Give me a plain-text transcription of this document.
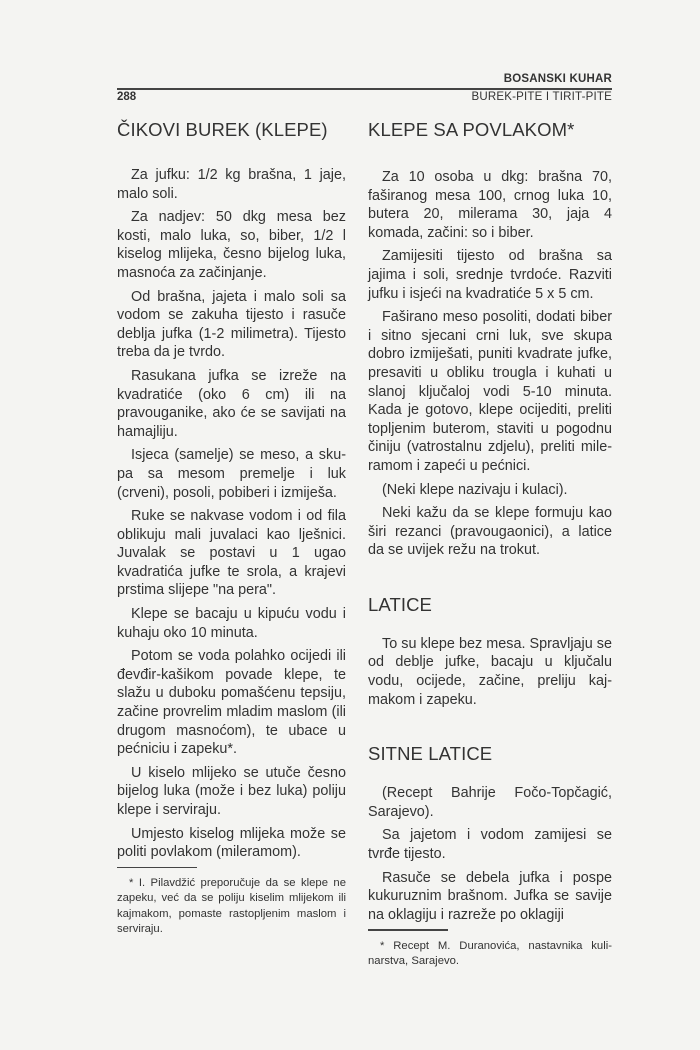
BOSANSKI KUHAR
288	BUREK-PITE I TIRIT-PITE
ČIKOVI BUREK (KLEPE)

Za jufku: 1/2 kg brašna, 1 jaje, malo soli.

Za nadjev: 50 dkg mesa bez kosti, malo luka, so, biber, 1/2 l kiselog mlijeka, česno bijelog luka, masnoća za začinjanje.

Od brašna, jajeta i malo soli sa vodom se zakuha tijesto i rasuče deblja jufka (1-2 milimetra). Tijesto treba da je tvrdo.

Rasukana jufka se izreže na kvadratiće (oko 6 cm) ili na pravouganike, ako će se savijati na hamajliju.

Isjeca (samelje) se meso, a skupa sa mesom premelje i luk (crveni), posoli, pobiberi i izmiješa.

Ruke se nakvase vodom i od fila oblikuju mali juvalaci kao lješnici. Juvalak se postavi u 1 ugao kvadratića jufke te srola, a krajevi prstima slijepe "na pera".

Klepe se bacaju u kipuću vodu i kuhaju oko 10 minuta.

Potom se voda polahko ocijedi ili đevđir-kašikom povade klepe, te slažu u duboku pomašćenu tepsiju, začine provrelim mladim maslom (ili drugom masnoćom), te ubace u pećniciu i zapeku*.

U kiselo mlijeko se utuče česno bijelog luka (može i bez luka) poliju klepe i serviraju.

Umjesto kiselog mlijeka može se politi povlakom (mileramom).

* I. Pilavdžić preporučuje da se klepe ne zapeku, već da se poliju kiselim mlijekom ili kajmakom, pomaste rastopljenim maslom i serviraju.

KLEPE SA POVLAKOM*

Za 10 osoba u dkg: brašna 70, faširanog mesa 100, crnog luka 10, butera 20, milerama 30, jaja 4 komada, začini: so i biber.

Zamijesiti tijesto od brašna sa jajima i soli, srednje tvrdoće. Razviti jufku i isjeći na kvadratiće 5 x 5 cm.

Faširano meso posoliti, dodati biber i sitno sjecani crni luk, sve skupa dobro izmiješati, puniti kvadrate jufke, presaviti u obliku trougla i kuhati u slanoj ključaloj vodi 5-10 minuta. Kada je gotovo, klepe ocijediti, preliti topljenim buterom, staviti u pogodnu činiju (vatrostalnu zdjelu), preliti mileramom i zapeći u pećnici.

(Neki klepe nazivaju i kulaci).

Neki kažu da se klepe formuju kao širi rezanci (pravougaonici), a latice da se uvijek režu na trokut.

LATICE

To su klepe bez mesa. Spravljaju se od deblje jufke, bacaju u ključalu vodu, ocijede, začine, preliju kajmakom i zapeku.

SITNE LATICE

(Recept Bahrije Fočo-Topčagić, Sarajevo).

Sa jajetom i vodom zamijesi se tvrđe tijesto.

Rasuče se debela jufka i pospe kukuruznim brašnom. Jufka se savije na oklagiju i razreže po oklagiji

* Recept M. Duranovića, nastavnika kulinarstva, Sarajevo.
